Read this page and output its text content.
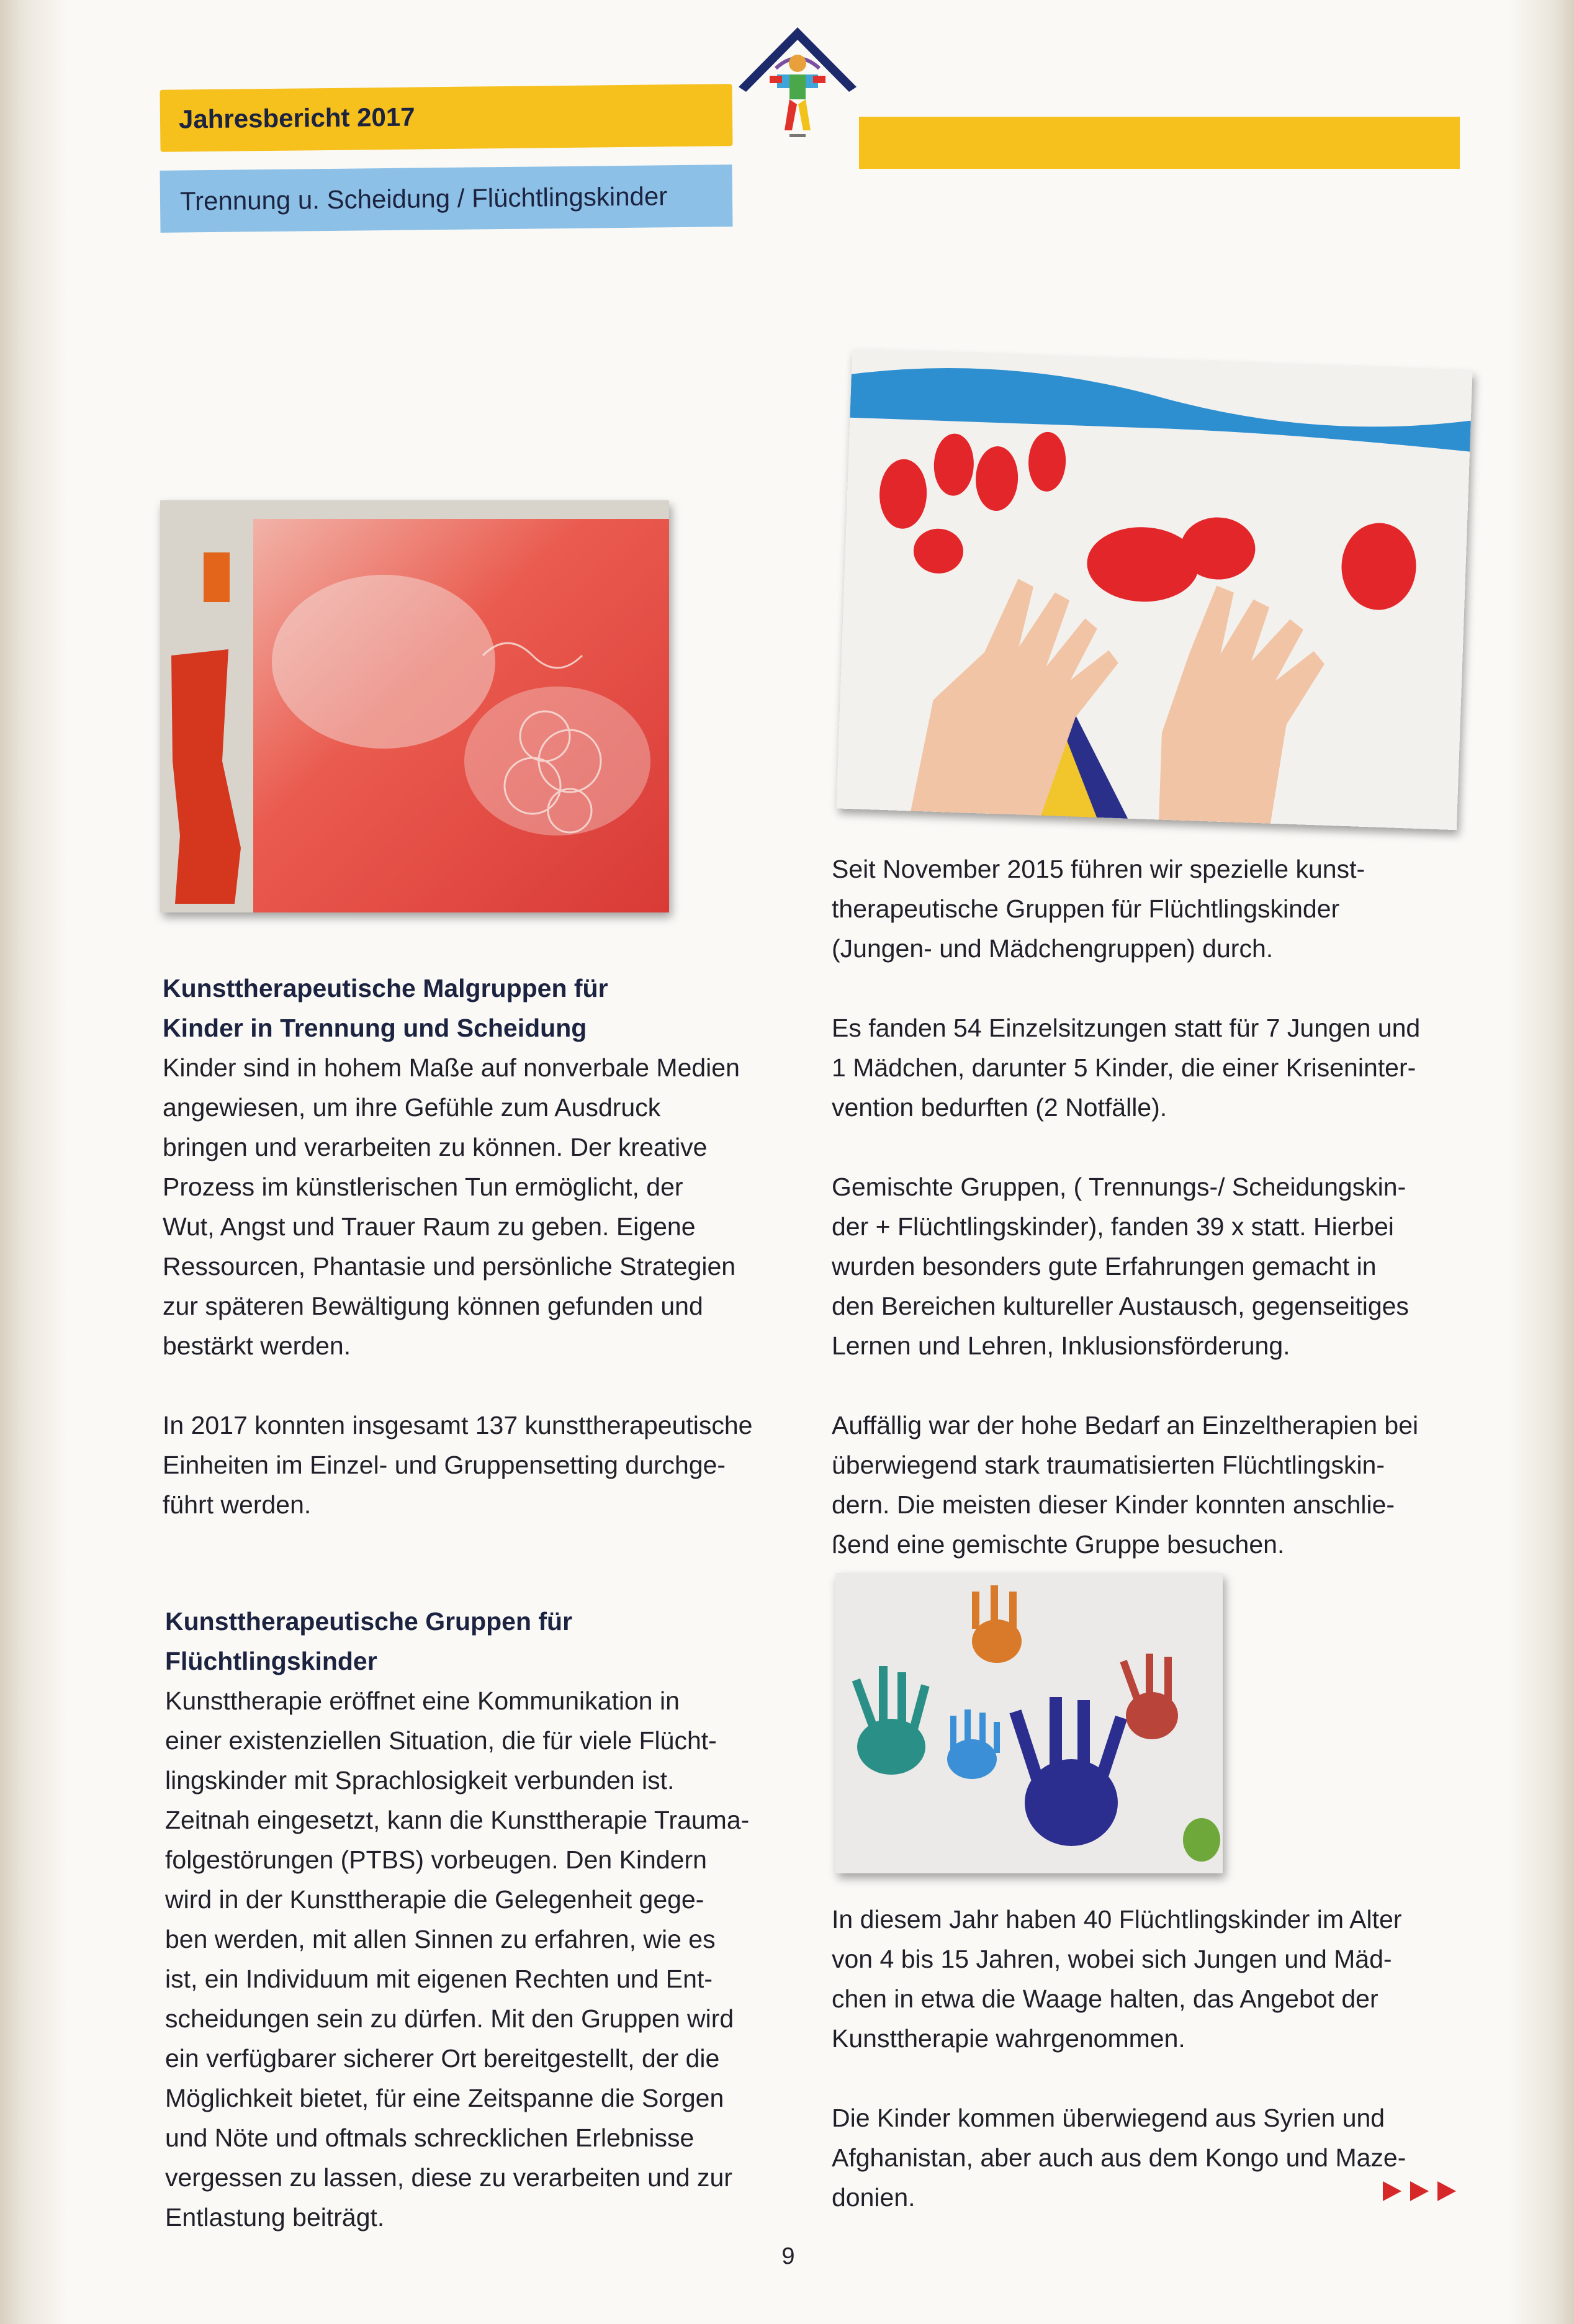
Jahresbericht 2017
Trennung u. Scheidung / Flüchtlingskinder

Kunsttherapeutische Malgruppen für
Kinder in Trennung und Scheidung

Kinder sind in hohem Maße auf nonverbale Medien
angewiesen, um ihre Gefühle zum Ausdruck
bringen und verarbeiten zu können. Der kreative
Prozess im künstlerischen Tun ermöglicht, der
Wut, Angst und Trauer Raum zu geben. Eigene
Ressourcen, Phantasie und persönliche Strategien
zur späteren Bewältigung können gefunden und
bestärkt werden.

In 2017 konnten insgesamt 137 kunsttherapeutische
Einheiten im Einzel- und Gruppensetting durchge-
führt werden.

Kunsttherapeutische Gruppen für
Flüchtlingskinder

Kunsttherapie eröffnet eine Kommunikation in
einer existenziellen Situation, die für viele Flücht-
lingskinder mit Sprachlosigkeit verbunden ist.
Zeitnah eingesetzt, kann die Kunsttherapie Trauma-
folgestörungen (PTBS) vorbeugen. Den Kindern
wird in der Kunsttherapie die Gelegenheit gege-
ben werden, mit allen Sinnen zu erfahren, wie es
ist, ein Individuum mit eigenen Rechten und Ent-
scheidungen sein zu dürfen. Mit den Gruppen wird
ein verfügbarer sicherer Ort bereitgestellt, der die
Möglichkeit bietet, für eine Zeitspanne die Sorgen
und Nöte und oftmals schrecklichen Erlebnisse
vergessen zu lassen, diese zu verarbeiten und zur
Entlastung beiträgt.

Seit November 2015 führen wir spezielle kunst-
therapeutische Gruppen für Flüchtlingskinder
(Jungen- und Mädchengruppen) durch.

Es fanden 54 Einzelsitzungen statt für 7 Jungen und
1 Mädchen, darunter 5 Kinder, die einer Kriseninter-
vention bedurften (2 Notfälle).

Gemischte Gruppen, ( Trennungs-/ Scheidungskin-
der + Flüchtlingskinder), fanden 39 x statt. Hierbei
wurden besonders gute Erfahrungen gemacht in
den Bereichen kultureller Austausch, gegenseitiges
Lernen und Lehren, Inklusionsförderung.

Auffällig war der hohe Bedarf an Einzeltherapien bei
überwiegend stark traumatisierten Flüchtlingskin-
dern. Die meisten dieser Kinder konnten anschlie-
ßend eine gemischte Gruppe besuchen.

In diesem Jahr haben 40 Flüchtlingskinder im Alter
von 4 bis 15 Jahren, wobei sich Jungen und Mäd-
chen in etwa die Waage halten, das Angebot der
Kunsttherapie wahrgenommen.

Die Kinder kommen überwiegend aus Syrien und
Afghanistan, aber auch aus dem Kongo und Maze-
donien.

9
